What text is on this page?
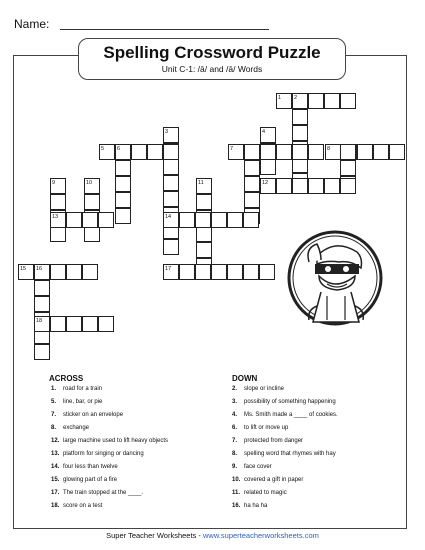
Name:
1 2
3	4
5 6	7	8
9	10	11	12
13	14
15 16	17
18
Spelling Crossword Puzzle
Unit C-1: /ā/ and /ā/ Words
ACROSS	DOWN
1. road for a train
5. line, bar, or pie
7. sticker on an envelope
8. exchange
12. large machine used to lift heavy objects
13. platform for singing or dancing
14. four less than twelve
15. glowing part of a fire
17. The train stopped at the ____.
18. score on a test
2. slope or incline
3. possibility of something happening
4. Ms. Smith made a ____ of cookies.
6. to lift or move up
7. protected from danger
8. spelling word that rhymes with hay
9. face cover
10. covered a gift in paper
11. related to magic
16. ha ha ha
Super Teacher Worksheets - www.superteacherworksheets.com
